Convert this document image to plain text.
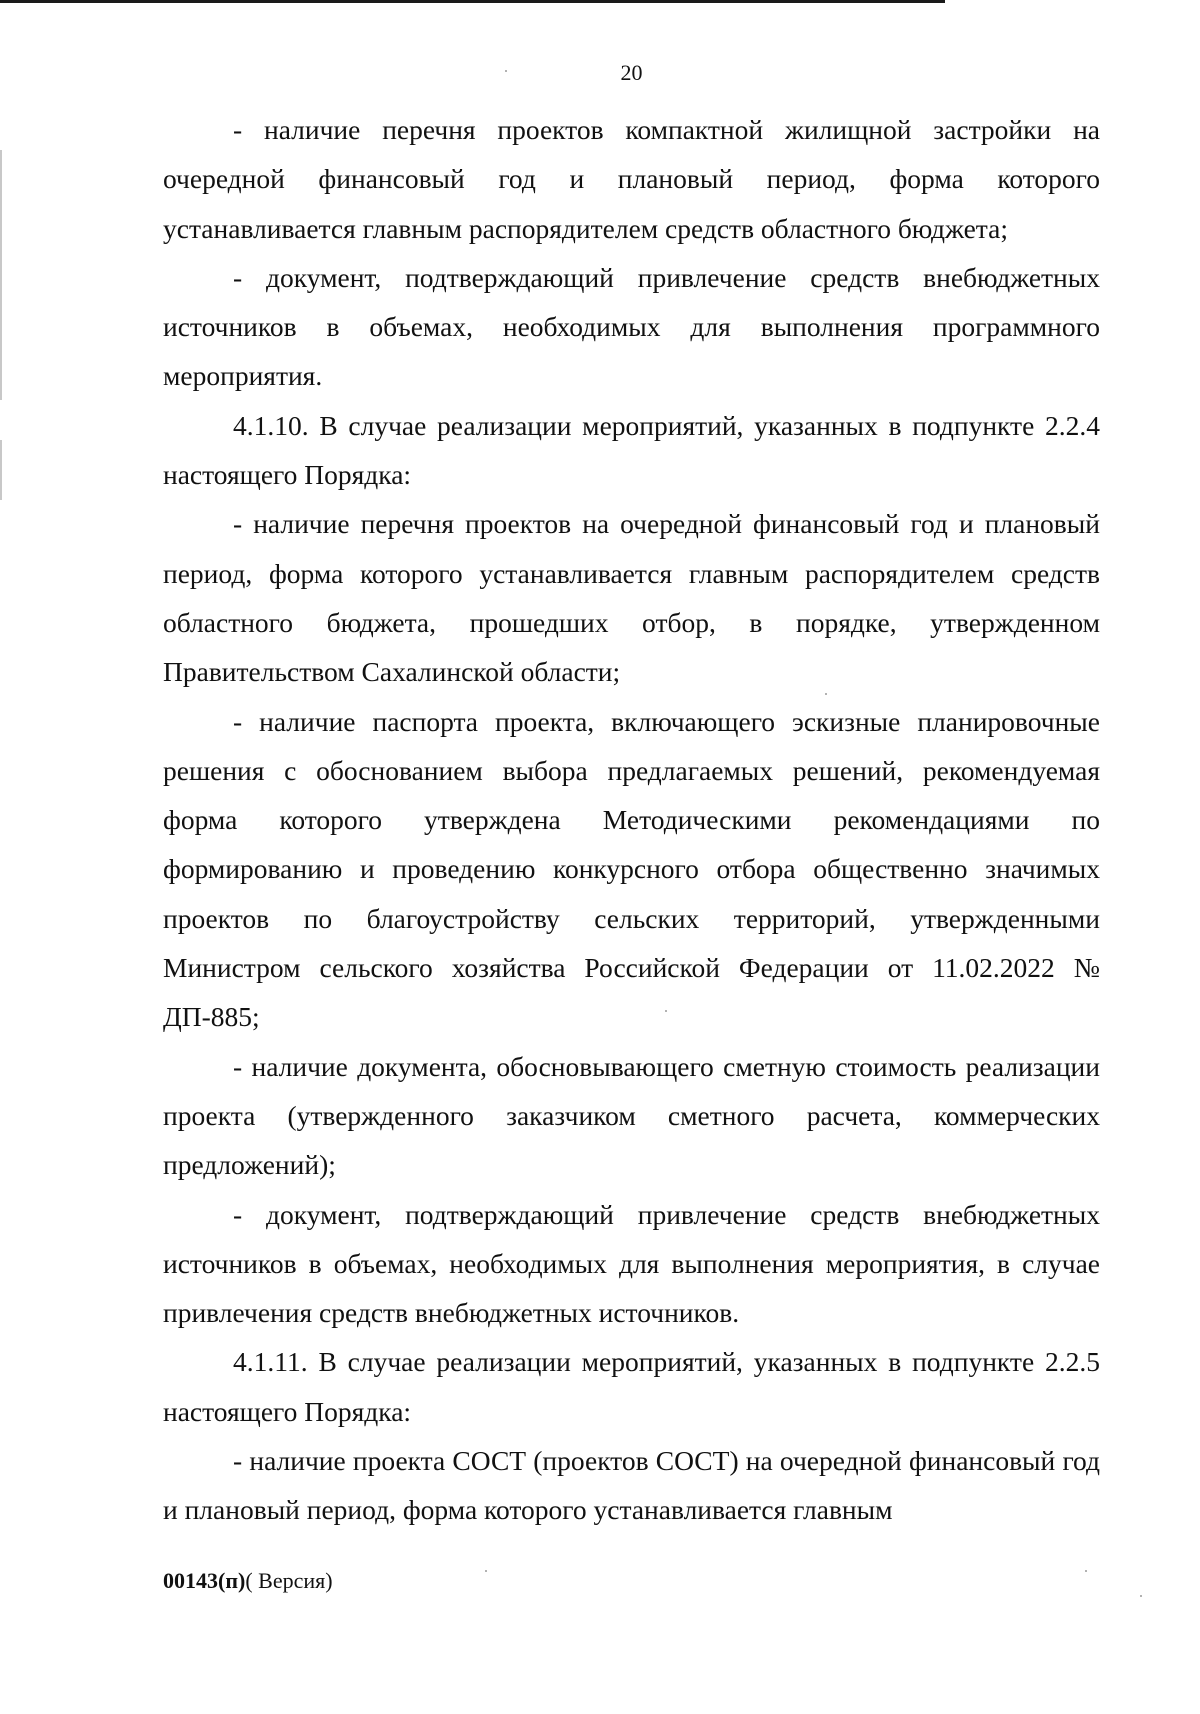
20

- наличие перечня проектов компактной жилищной застройки на очередной финансовый год и плановый период, форма которого устанавливается главным распорядителем средств областного бюджета;

- документ, подтверждающий привлечение средств внебюджетных источников в объемах, необходимых для выполнения программного мероприятия.

4.1.10. В случае реализации мероприятий, указанных в подпункте 2.2.4 настоящего Порядка:

- наличие перечня проектов на очередной финансовый год и плановый период, форма которого устанавливается главным распорядителем средств областного бюджета, прошедших отбор, в порядке, утвержденном Правительством Сахалинской области;

- наличие паспорта проекта, включающего эскизные планировочные решения с обоснованием выбора предлагаемых решений, рекомендуемая форма которого утверждена Методическими рекомендациями по формированию и проведению конкурсного отбора общественно значимых проектов по благоустройству сельских территорий, утвержденными Министром сельского хозяйства Российской Федерации от 11.02.2022 № ДП-885;

- наличие документа, обосновывающего сметную стоимость реализации проекта (утвержденного заказчиком сметного расчета, коммерческих предложений);

- документ, подтверждающий привлечение средств внебюджетных источников в объемах, необходимых для выполнения мероприятия, в случае привлечения средств внебюджетных источников.

4.1.11. В случае реализации мероприятий, указанных в подпункте 2.2.5 настоящего Порядка:

- наличие проекта СОСТ (проектов СОСТ) на очередной финансовый год и плановый период, форма которого устанавливается главным

00143(п)( Версия)
